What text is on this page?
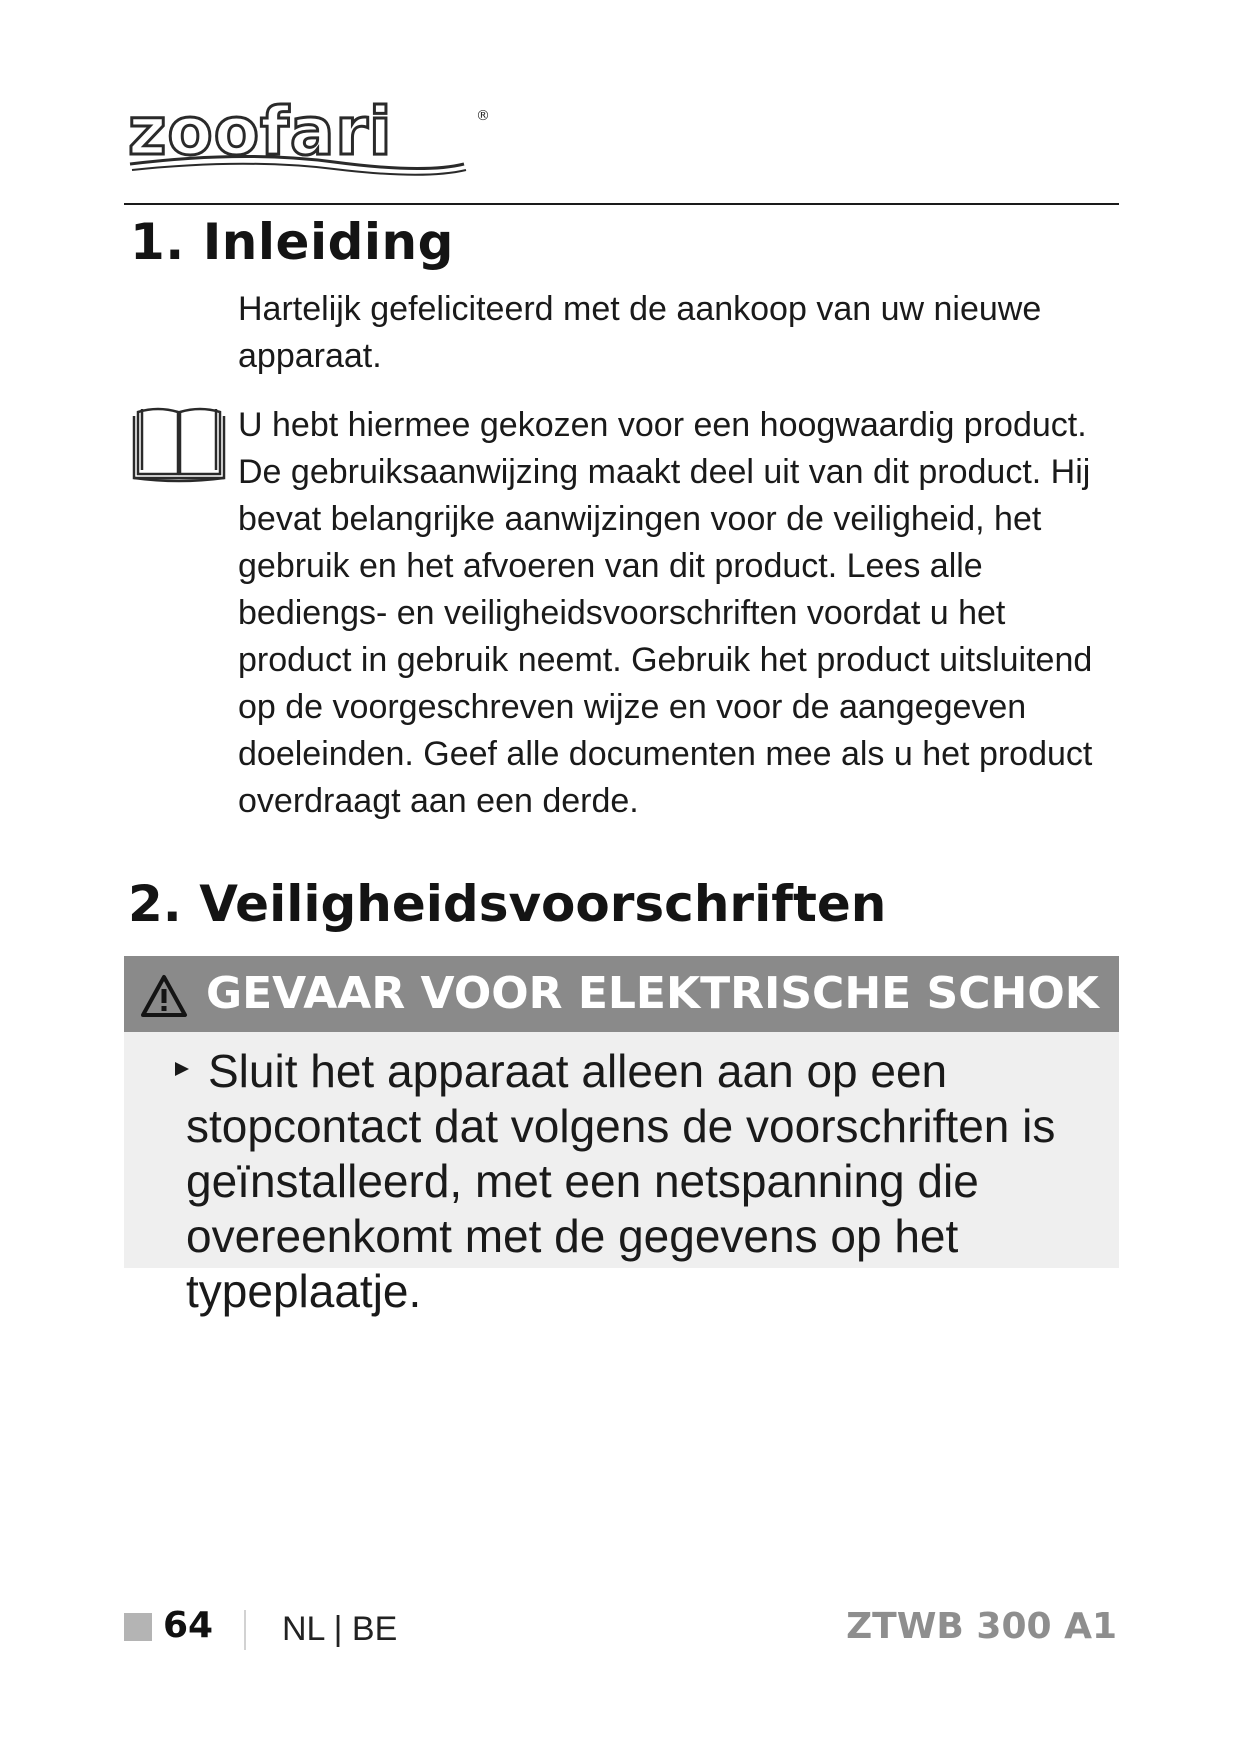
zoofari	®
1. Inleiding

Hartelijk gefeliciteerd met de aankoop van uw nieuwe apparaat.

U hebt hiermee gekozen voor een hoogwaardig product. De gebruiksaanwijzing maakt deel uit van dit product. Hij bevat belangrijke aanwijzingen voor de veiligheid, het gebruik en het afvoeren van dit product. Lees alle bediengs- en veiligheidsvoorschriften voordat u het product in gebruik neemt. Gebruik het product uitsluitend op de voorgeschreven wijze en voor de aangegeven doeleinden. Geef alle documenten mee als u het product overdraagt aan een derde.

2. Veiligheidsvoorschriften
GEVAAR VOOR ELEKTRISCHE SCHOK

Sluit het apparaat alleen aan op een stopcontact dat volgens de voorschriften is geïnstalleerd, met een netspanning die overeenkomt met de gegevens op het typeplaatje.

64 NL | BE	ZTWB 300 A1
